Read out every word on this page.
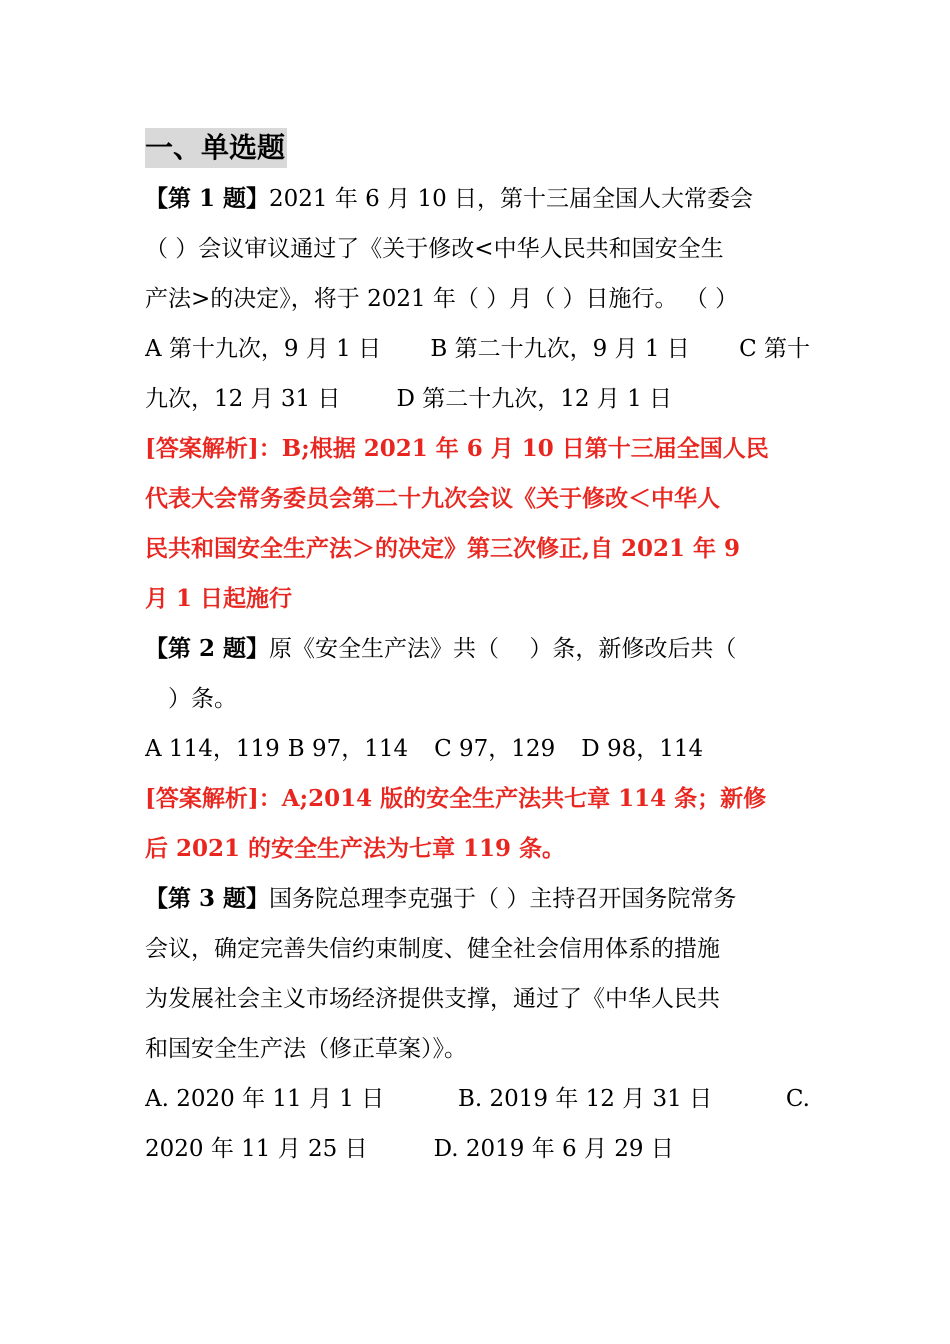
一、单选题
【第 1 题】2021 年 6 月 10 日，第十三届全国人大常委会
（ ）会议审议通过了《关于修改<中华人民共和国安全生
产法>的决定》，将于 2021 年（ ）月（ ）日施行。 （ ）
A 第十九次，9 月 1 日 B 第二十九次，9 月 1 日 C 第十
九次，12 月 31 日 D 第二十九次，12 月 1 日
[答案解析]：B;根据 2021 年 6 月 10 日第十三届全国人民
代表大会常务委员会第二十九次会议《关于修改＜中华人
民共和国安全生产法＞的决定》第三次修正,自 2021 年 9
月 1 日起施行
【第 2 题】原《安全生产法》共（　 ）条，新修改后共（
　）条。
A 114，119 B 97，114 C 97，129 D 98，114
[答案解析]：A;2014 版的安全生产法共七章 114 条；新修
后 2021 的安全生产法为七章 119 条。
【第 3 题】国务院总理李克强于（ ）主持召开国务院常务
会议，确定完善失信约束制度、健全社会信用体系的措施
为发展社会主义市场经济提供支撑，通过了《中华人民共
和国安全生产法（修正草案）》。
A. 2020 年 11 月 1 日	B. 2019 年 12 月 31 日	C.
2020 年 11 月 25 日	D. 2019 年 6 月 29 日
